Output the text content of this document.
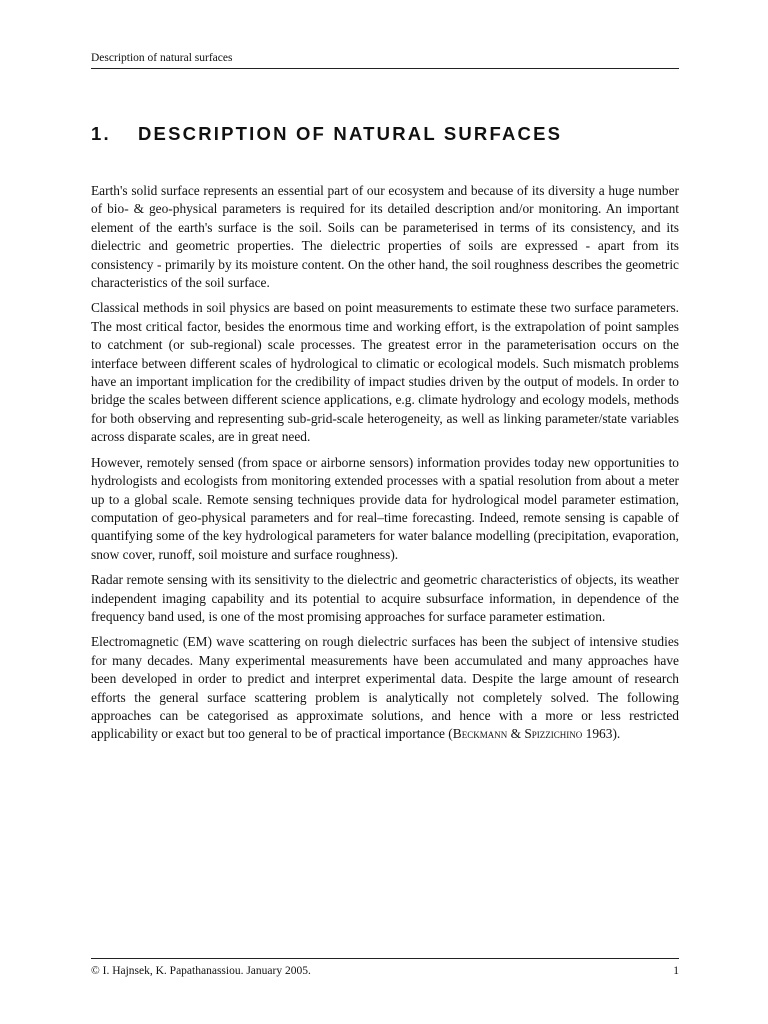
Description of natural surfaces
1. DESCRIPTION OF NATURAL SURFACES

Earth's solid surface represents an essential part of our ecosystem and because of its diversity a huge number of bio- & geo-physical parameters is required for its detailed description and/or monitoring. An important element of the earth's surface is the soil. Soils can be parameterised in terms of its consistency, and its dielectric and geometric properties. The dielectric properties of soils are expressed - apart from its consistency - primarily by its moisture content. On the other hand, the soil roughness describes the geometric characteristics of the soil surface.

Classical methods in soil physics are based on point measurements to estimate these two surface parameters. The most critical factor, besides the enormous time and working effort, is the extrapolation of point samples to catchment (or sub-regional) scale processes. The greatest error in the parameterisation occurs on the interface between different scales of hydrological to climatic or ecological models. Such mismatch problems have an important implication for the credibility of impact studies driven by the output of models. In order to bridge the scales between different science applications, e.g. climate hydrology and ecology models, methods for both observing and representing sub-grid-scale heterogeneity, as well as linking parameter/state variables across disparate scales, are in great need.

However, remotely sensed (from space or airborne sensors) information provides today new opportunities to hydrologists and ecologists from monitoring extended processes with a spatial resolution from about a meter up to a global scale. Remote sensing techniques provide data for hydrological model parameter estimation, computation of geo-physical parameters and for real–time forecasting. Indeed, remote sensing is capable of quantifying some of the key hydrological parameters for water balance modelling (precipitation, evaporation, snow cover, runoff, soil moisture and surface roughness).

Radar remote sensing with its sensitivity to the dielectric and geometric characteristics of objects, its weather independent imaging capability and its potential to acquire subsurface information, in dependence of the frequency band used, is one of the most promising approaches for surface parameter estimation.

Electromagnetic (EM) wave scattering on rough dielectric surfaces has been the subject of intensive studies for many decades. Many experimental measurements have been accumulated and many approaches have been developed in order to predict and interpret experimental data. Despite the large amount of research efforts the general surface scattering problem is analytically not completely solved. The following approaches can be categorised as approximate solutions, and hence with a more or less restricted applicability or exact but too general to be of practical importance (Beckmann & Spizzichino 1963).

© I. Hajnsek, K. Papathanassiou. January 2005.	1
